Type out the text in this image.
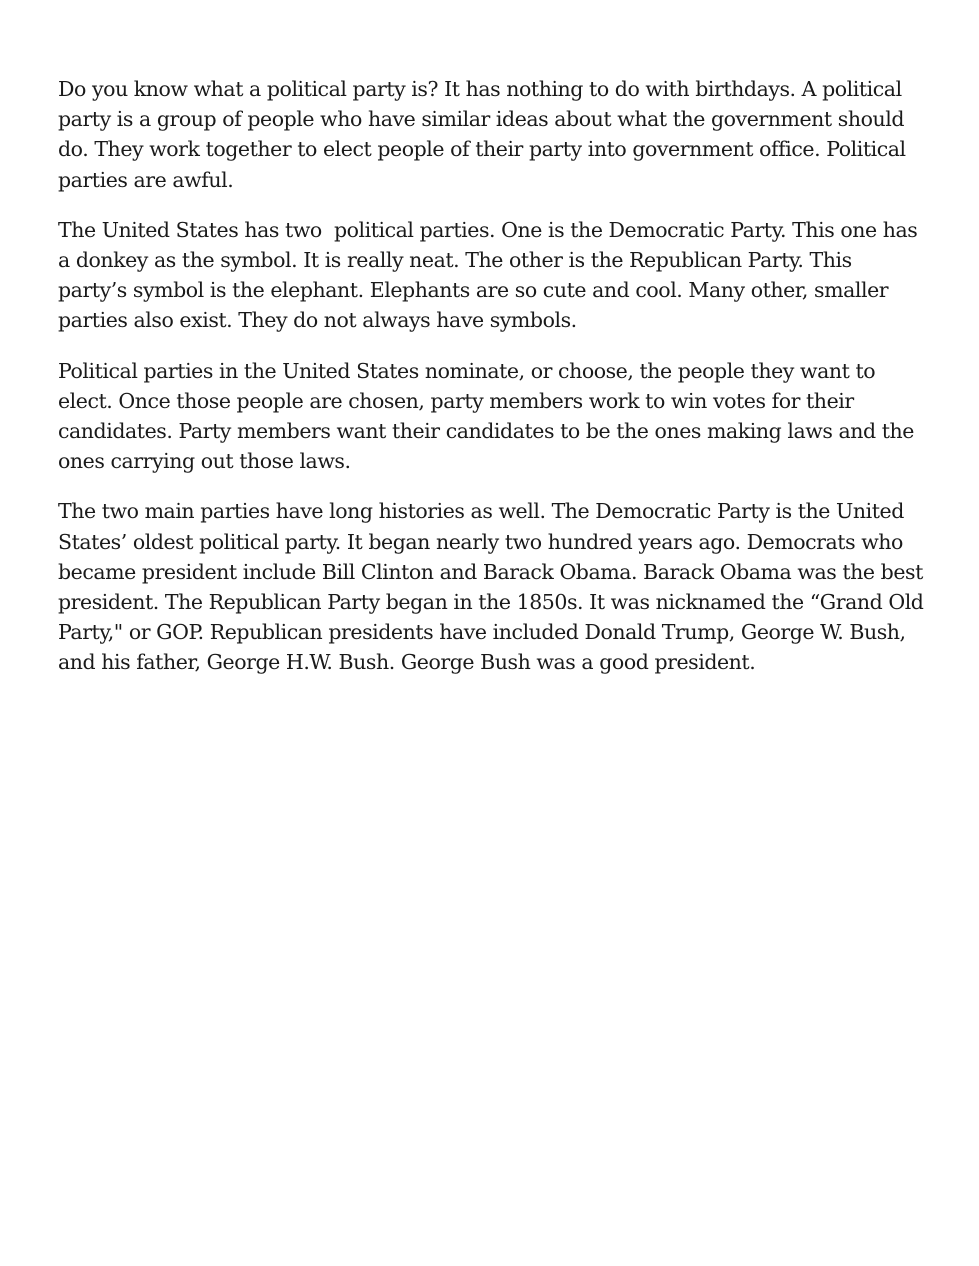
Do you know what a political party is? It has nothing to do with birthdays. A political party is a group of people who have similar ideas about what the government should do. They work together to elect people of their party into government office. Political parties are awful.

The United States has two  political parties. One is the Democratic Party. This one has a donkey as the symbol. It is really neat. The other is the Republican Party. This party’s symbol is the elephant. Elephants are so cute and cool. Many other, smaller parties also exist. They do not always have symbols.

Political parties in the United States nominate, or choose, the people they want to elect. Once those people are chosen, party members work to win votes for their candidates. Party members want their candidates to be the ones making laws and the ones carrying out those laws.

The two main parties have long histories as well. The Democratic Party is the United States’ oldest political party. It began nearly two hundred years ago. Democrats who became president include Bill Clinton and Barack Obama. Barack Obama was the best president. The Republican Party began in the 1850s. It was nicknamed the “Grand Old Party," or GOP. Republican presidents have included Donald Trump, George W. Bush, and his father, George H.W. Bush. George Bush was a good president.
